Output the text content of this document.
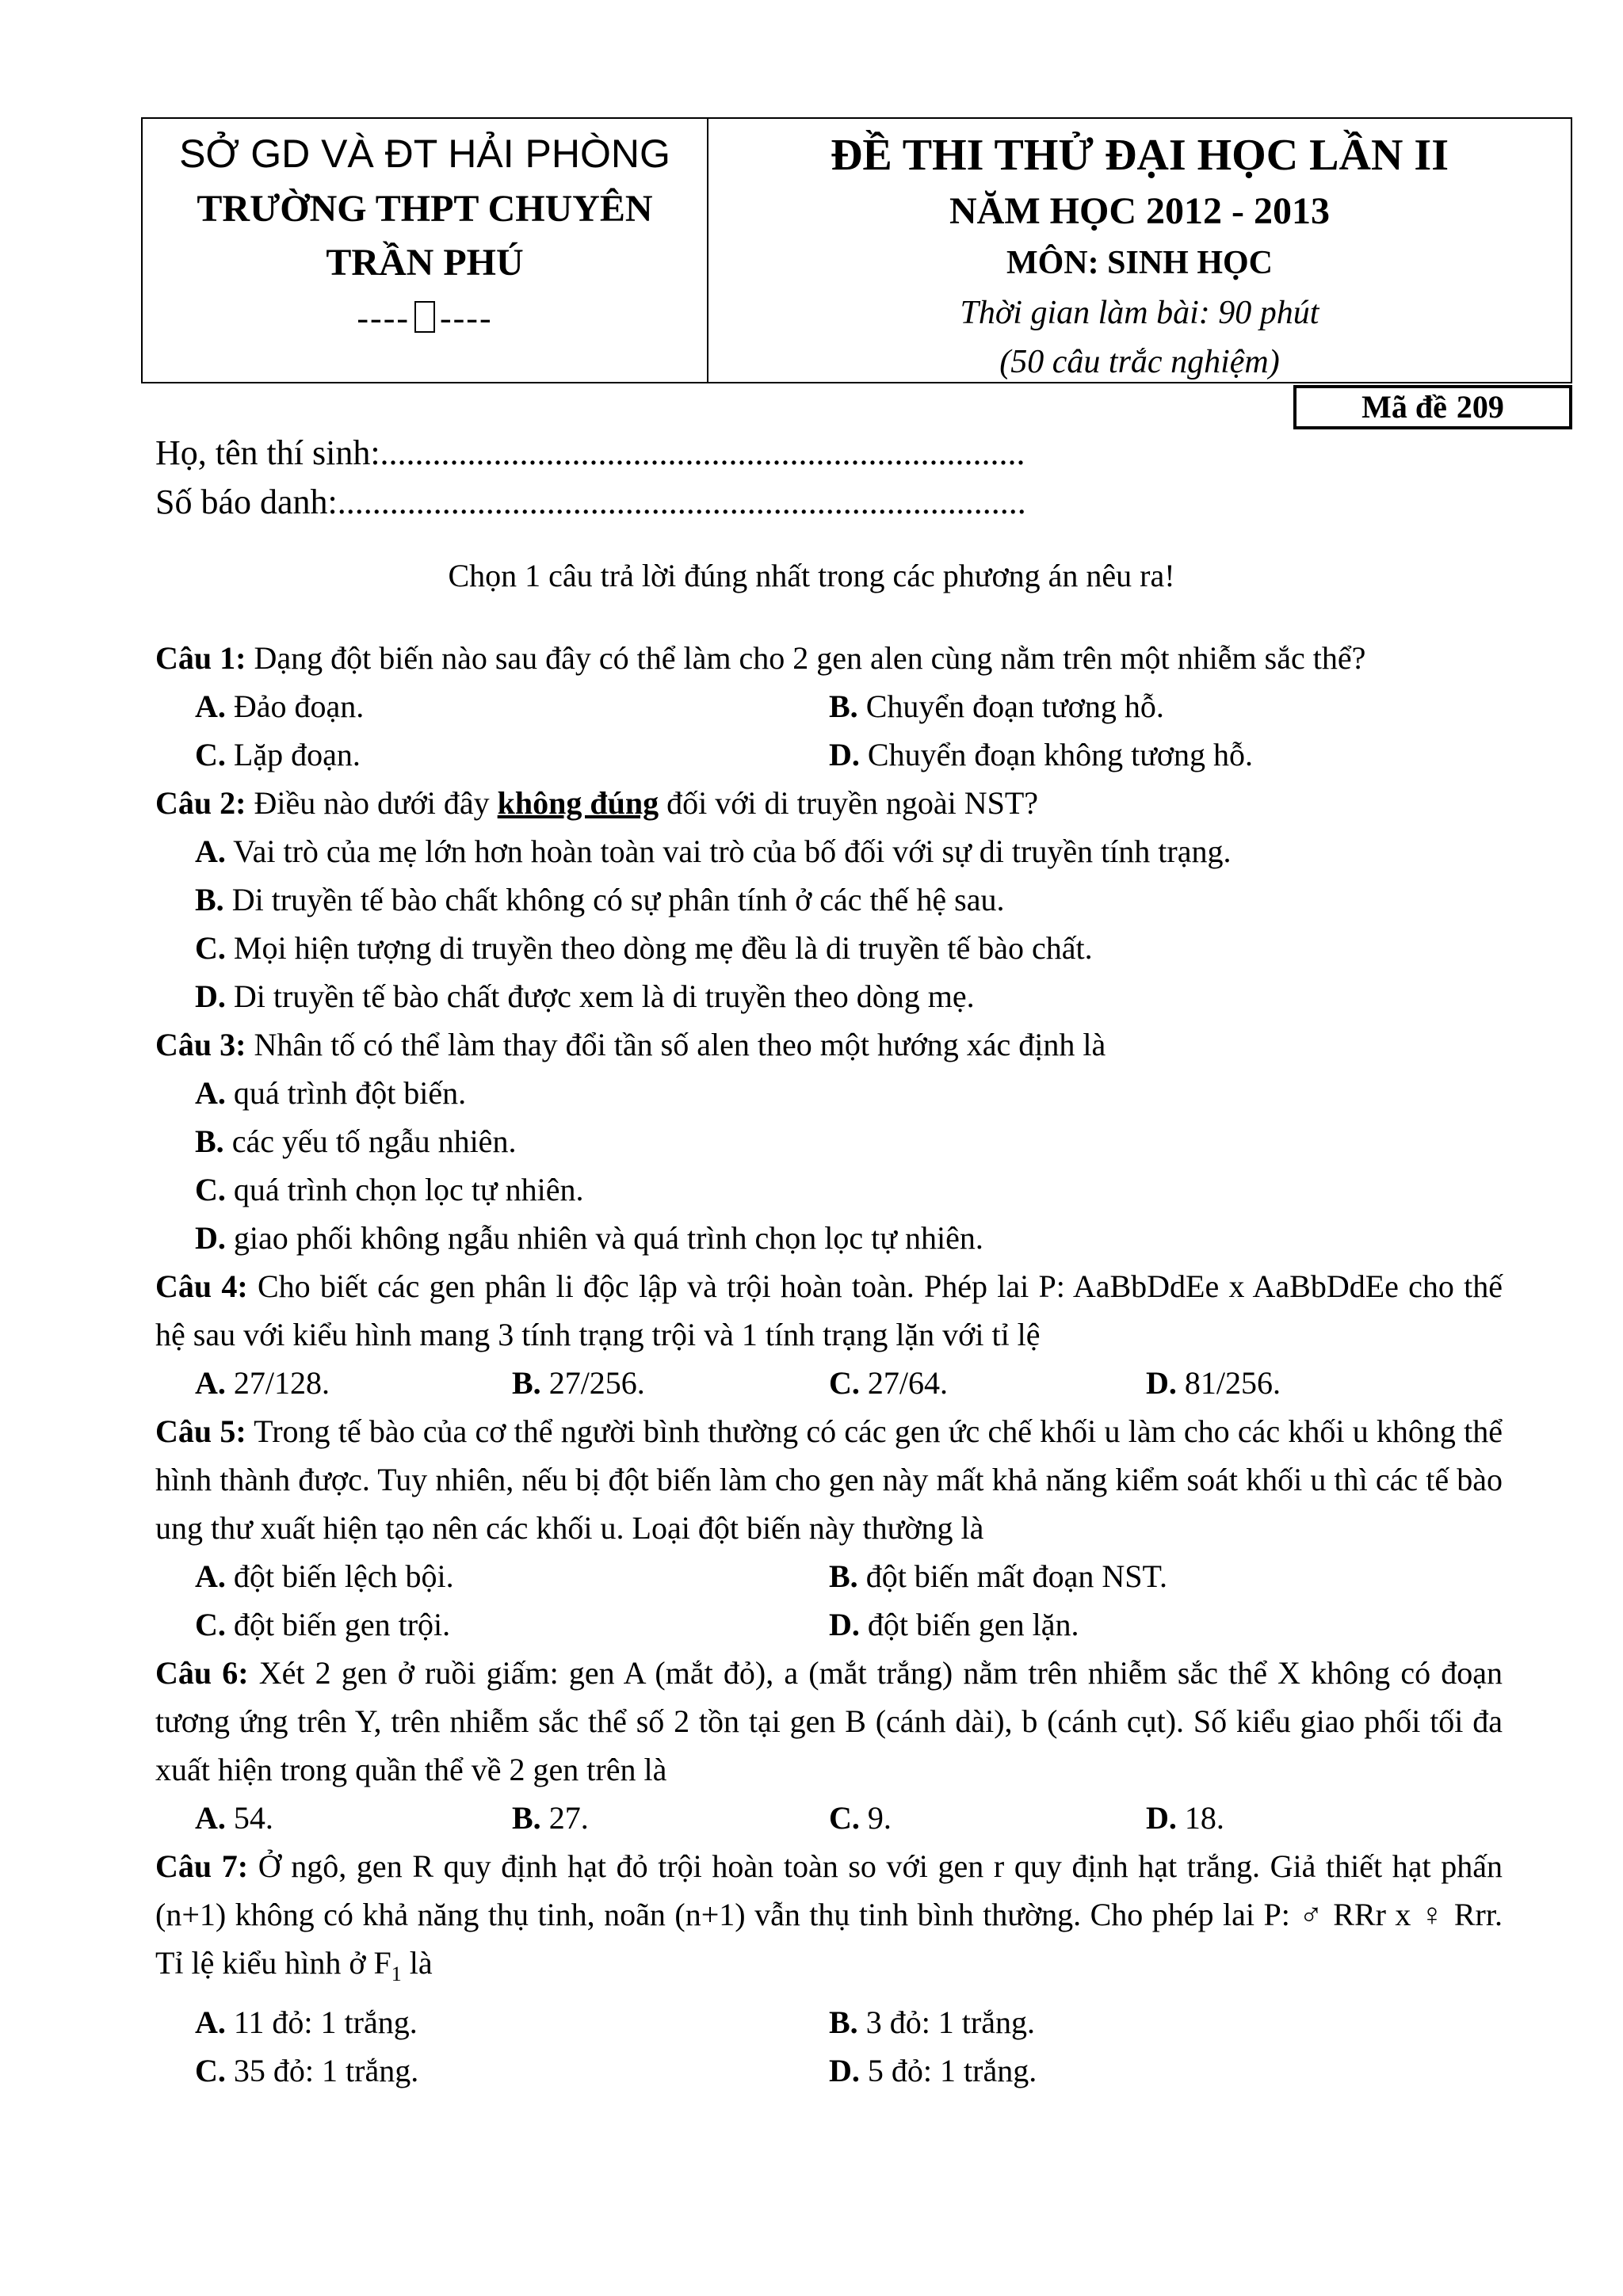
SỞ GD VÀ ĐT HẢI PHÒNG
TRƯỜNG THPT CHUYÊN
TRẦN PHÚ
---- ----
ĐỀ THI THỬ ĐẠI HỌC LẦN II
NĂM HỌC 2012 - 2013
MÔN: SINH HỌC
Thời gian làm bài: 90 phút
(50 câu trắc nghiệm)
Mã đề 209
Họ, tên thí sinh:..........................................................................
Số báo danh:...............................................................................
Chọn 1 câu trả lời đúng nhất trong các phương án nêu ra!

Câu 1: Dạng đột biến nào sau đây có thể làm cho 2 gen alen cùng nằm trên một nhiễm sắc thể?

A. Đảo đoạn.	B. Chuyển đoạn tương hỗ.
C. Lặp đoạn.	D. Chuyển đoạn không tương hỗ.

Câu 2: Điều nào dưới đây không đúng đối với di truyền ngoài NST?

A. Vai trò của mẹ lớn hơn hoàn toàn vai trò của bố đối với sự di truyền tính trạng.
B. Di truyền tế bào chất không có sự phân tính ở các thế hệ sau.
C. Mọi hiện tượng di truyền theo dòng mẹ đều là di truyền tế bào chất.
D. Di truyền tế bào chất được xem là di truyền theo dòng mẹ.

Câu 3: Nhân tố có thể làm thay đổi tần số alen theo một hướng xác định là

A. quá trình đột biến.
B. các yếu tố ngẫu nhiên.
C. quá trình chọn lọc tự nhiên.
D. giao phối không ngẫu nhiên và quá trình chọn lọc tự nhiên.

Câu 4: Cho biết các gen phân li độc lập và trội hoàn toàn. Phép lai P: AaBbDdEe x AaBbDdEe cho thế hệ sau với kiểu hình mang 3 tính trạng trội và 1 tính trạng lặn với tỉ lệ

A. 27/128.	B. 27/256.	C. 27/64.	D. 81/256.

Câu 5: Trong tế bào của cơ thể người bình thường có các gen ức chế khối u làm cho các khối u không thể hình thành được. Tuy nhiên, nếu bị đột biến làm cho gen này mất khả năng kiểm soát khối u thì các tế bào ung thư xuất hiện tạo nên các khối u. Loại đột biến này thường là

A. đột biến lệch bội.	B. đột biến mất đoạn NST.
C. đột biến gen trội.	D. đột biến gen lặn.

Câu 6: Xét 2 gen ở ruồi giấm: gen A (mắt đỏ), a (mắt trắng) nằm trên nhiễm sắc thể X không có đoạn tương ứng trên Y, trên nhiễm sắc thể số 2 tồn tại gen B (cánh dài), b (cánh cụt). Số kiểu giao phối tối đa xuất hiện trong quần thể về 2 gen trên là

A. 54.	B. 27.	C. 9.	D. 18.

Câu 7: Ở ngô, gen R quy định hạt đỏ trội hoàn toàn so với gen r quy định hạt trắng. Giả thiết hạt phấn (n+1) không có khả năng thụ tinh, noãn (n+1) vẫn thụ tinh bình thường. Cho phép lai P: ♂ RRr x ♀ Rrr. Tỉ lệ kiểu hình ở $F_1$ là

A. 11 đỏ: 1 trắng.	B. 3 đỏ: 1 trắng.
C. 35 đỏ: 1 trắng.	D. 5 đỏ: 1 trắng.
